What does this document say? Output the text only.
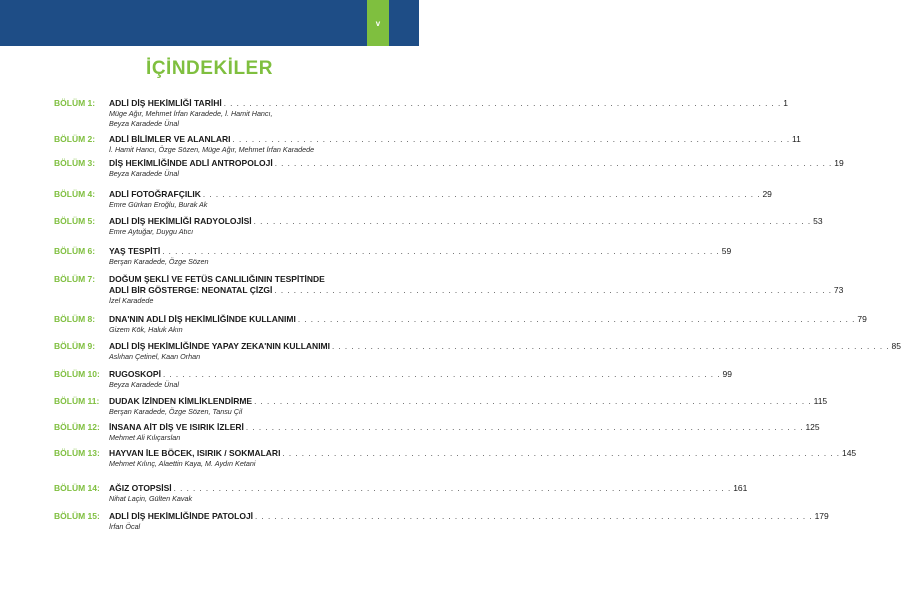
v
İÇİNDEKİLER
BÖLÜM 1: ADLİ DİŞ HEKİMLİĞİ TARİHİ . . . . . . . . . . . . . . . . . . . . . . . . . . . . . . . . . . . . . . . . . . . . . . . . . . . . . . . . . . . . . . . . . . . . . . . . . . . . . . . . . . . . . . . 1
Müge Ağır, Mehmet İrfan Karadede, İ. Hamit Hancı,
Beyza Karadede Ünal
BÖLÜM 2: ADLİ BİLİMLER VE ALANLARI . . . . . . . . . . . . . . . . . . . . . . . . . . . . . . . . . . . . . . . . . . . . . . . . . . . . . . . . . . . . . . . . . . . . . . . . . . . . . . . . . . . . . . . 11
İ. Hamit Hancı, Özge Sözen, Müge Ağır, Mehmet İrfan Karadede
BÖLÜM 3: DİŞ HEKİMLİĞİNDE ADLİ ANTROPOLOJİ . . . . . . . . . . . . . . . . . . . . . . . . . . . . . . . . . . . . . . . . . . . . . . . . . . . . . . . . . . . . . . . . . . . . . . . . . . . . . . . . . . . . . . . 19
Beyza Karadede Ünal
BÖLÜM 4: ADLİ FOTOĞRAFÇILIK . . . . . . . . . . . . . . . . . . . . . . . . . . . . . . . . . . . . . . . . . . . . . . . . . . . . . . . . . . . . . . . . . . . . . . . . . . . . . . . . . . . . . . . 29
Emre Gürkan Eroğlu, Burak Ak
BÖLÜM 5: ADLİ DİŞ HEKİMLİĞİ RADYOLOJİSİ . . . . . . . . . . . . . . . . . . . . . . . . . . . . . . . . . . . . . . . . . . . . . . . . . . . . . . . . . . . . . . . . . . . . . . . . . . . . . . . . . . . . . . . 53
Emre Aytuğar, Duygu Atıcı
BÖLÜM 6: YAŞ TESPİTİ . . . . . . . . . . . . . . . . . . . . . . . . . . . . . . . . . . . . . . . . . . . . . . . . . . . . . . . . . . . . . . . . . . . . . . . . . . . . . . . . . . . . . . . 59
Berşan Karadede, Özge Sözen
BÖLÜM 7: DOĞUM ŞEKLİ VE FETÜS CANLILIĞININ TESPİTİNDE
ADLİ BİR GÖSTERGE: NEONATAL ÇİZGİ . . . . . . . . . . . . . . . . . . . . . . . . . . . . . . . . . . . . . . . . . . . . . . . . . . . . . . . . . . . . . . . . . . . . . . . . . . . . . . . . . . . . . . . 73
İzel Karadede
BÖLÜM 8: DNA'NIN ADLİ DİŞ HEKİMLİĞİNDE KULLANIMI . . . . . . . . . . . . . . . . . . . . . . . . . . . . . . . . . . . . . . . . . . . . . . . . . . . . . . . . . . . . . . . . . . . . . . . . . . . . . . . . . . . . . . . 79
Gizem Kök, Haluk Akın
BÖLÜM 9: ADLİ DİŞ HEKİMLİĞİNDE YAPAY ZEKA'NIN KULLANIMI . . . . . . . . . . . . . . . . . . . . . . . . . . . . . . . . . . . . . . . . . . . . . . . . . . . . . . . . . . . . . . . . . . . . . . . . . . . . . . . . . . . . . . . 85
Aslıhan Çetinel, Kaan Orhan
BÖLÜM 10: RUGOSKOPİ . . . . . . . . . . . . . . . . . . . . . . . . . . . . . . . . . . . . . . . . . . . . . . . . . . . . . . . . . . . . . . . . . . . . . . . . . . . . . . . . . . . . . . . 99
Beyza Karadede Ünal
BÖLÜM 11: DUDAK İZİNDEN KİMLİKLENDİRME . . . . . . . . . . . . . . . . . . . . . . . . . . . . . . . . . . . . . . . . . . . . . . . . . . . . . . . . . . . . . . . . . . . . . . . . . . . . . . . . . . . . . . . 115
Berşan Karadede, Özge Sözen, Tansu Çil
BÖLÜM 12: İNSANA AİT DİŞ VE ISIRIK İZLERİ . . . . . . . . . . . . . . . . . . . . . . . . . . . . . . . . . . . . . . . . . . . . . . . . . . . . . . . . . . . . . . . . . . . . . . . . . . . . . . . . . . . . . . . 125
Mehmet Ali Kılıçarslan
BÖLÜM 13: HAYVAN İLE BÖCEK, ISIRIK / SOKMALARI . . . . . . . . . . . . . . . . . . . . . . . . . . . . . . . . . . . . . . . . . . . . . . . . . . . . . . . . . . . . . . . . . . . . . . . . . . . . . . . . . . . . . . . 145
Mehmet Kılınç, Alaettin Kaya, M. Aydın Ketani
BÖLÜM 14: AĞIZ OTOPSİSİ . . . . . . . . . . . . . . . . . . . . . . . . . . . . . . . . . . . . . . . . . . . . . . . . . . . . . . . . . . . . . . . . . . . . . . . . . . . . . . . . . . . . . . . 161
Nihat Laçin, Gülten Kavak
BÖLÜM 15: ADLİ DİŞ HEKİMLİĞİNDE PATOLOJİ . . . . . . . . . . . . . . . . . . . . . . . . . . . . . . . . . . . . . . . . . . . . . . . . . . . . . . . . . . . . . . . . . . . . . . . . . . . . . . . . . . . . . . . 179
İrfan Öcal
